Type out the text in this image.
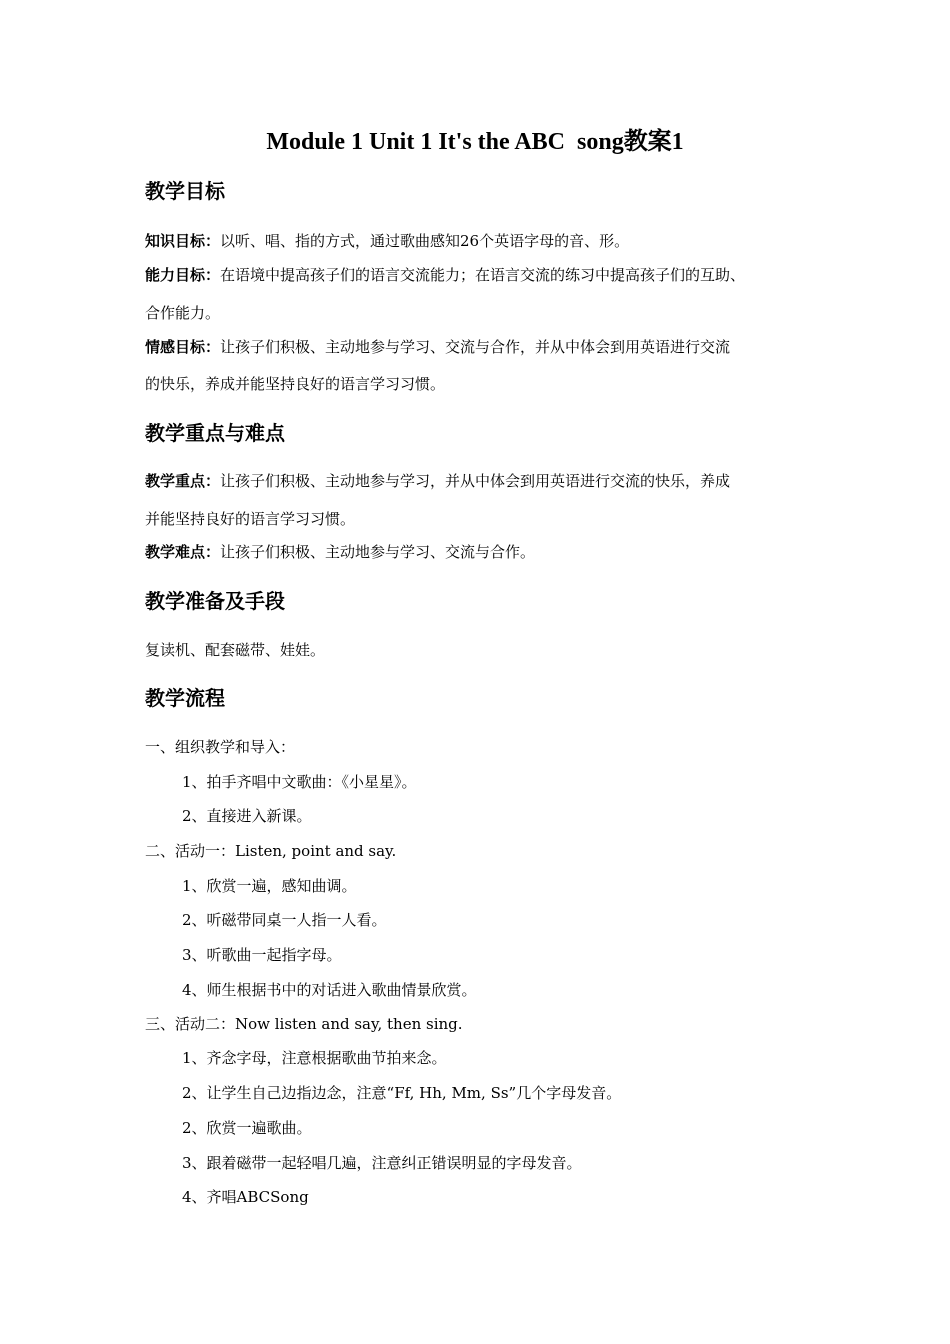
Module 1 Unit 1 It's the ABC  song教案1
教学目标
知识目标：以听、唱、指的方式，通过歌曲感知26个英语字母的音、形。
能力目标：在语境中提高孩子们的语言交流能力；在语言交流的练习中提高孩子们的互助、
合作能力。
情感目标：让孩子们积极、主动地参与学习、交流与合作，并从中体会到用英语进行交流
的快乐，养成并能坚持良好的语言学习习惯。
教学重点与难点
教学重点：让孩子们积极、主动地参与学习，并从中体会到用英语进行交流的快乐，养成
并能坚持良好的语言学习习惯。
教学难点：让孩子们积极、主动地参与学习、交流与合作。
教学准备及手段
复读机、配套磁带、娃娃。
教学流程
一、组织教学和导入：
1、拍手齐唱中文歌曲：《小星星》。
2、直接进入新课。
二、活动一：Listen, point and say.
1、欣赏一遍，感知曲调。
2、听磁带同桌一人指一人看。
3、听歌曲一起指字母。
4、师生根据书中的对话进入歌曲情景欣赏。
三、活动二：Now listen and say, then sing.
1、齐念字母，注意根据歌曲节拍来念。
2、让学生自己边指边念，注意“Ff, Hh, Mm, Ss”几个字母发音。
2、欣赏一遍歌曲。
3、跟着磁带一起轻唱几遍，注意纠正错误明显的字母发音。
4、齐唱ABCSong
